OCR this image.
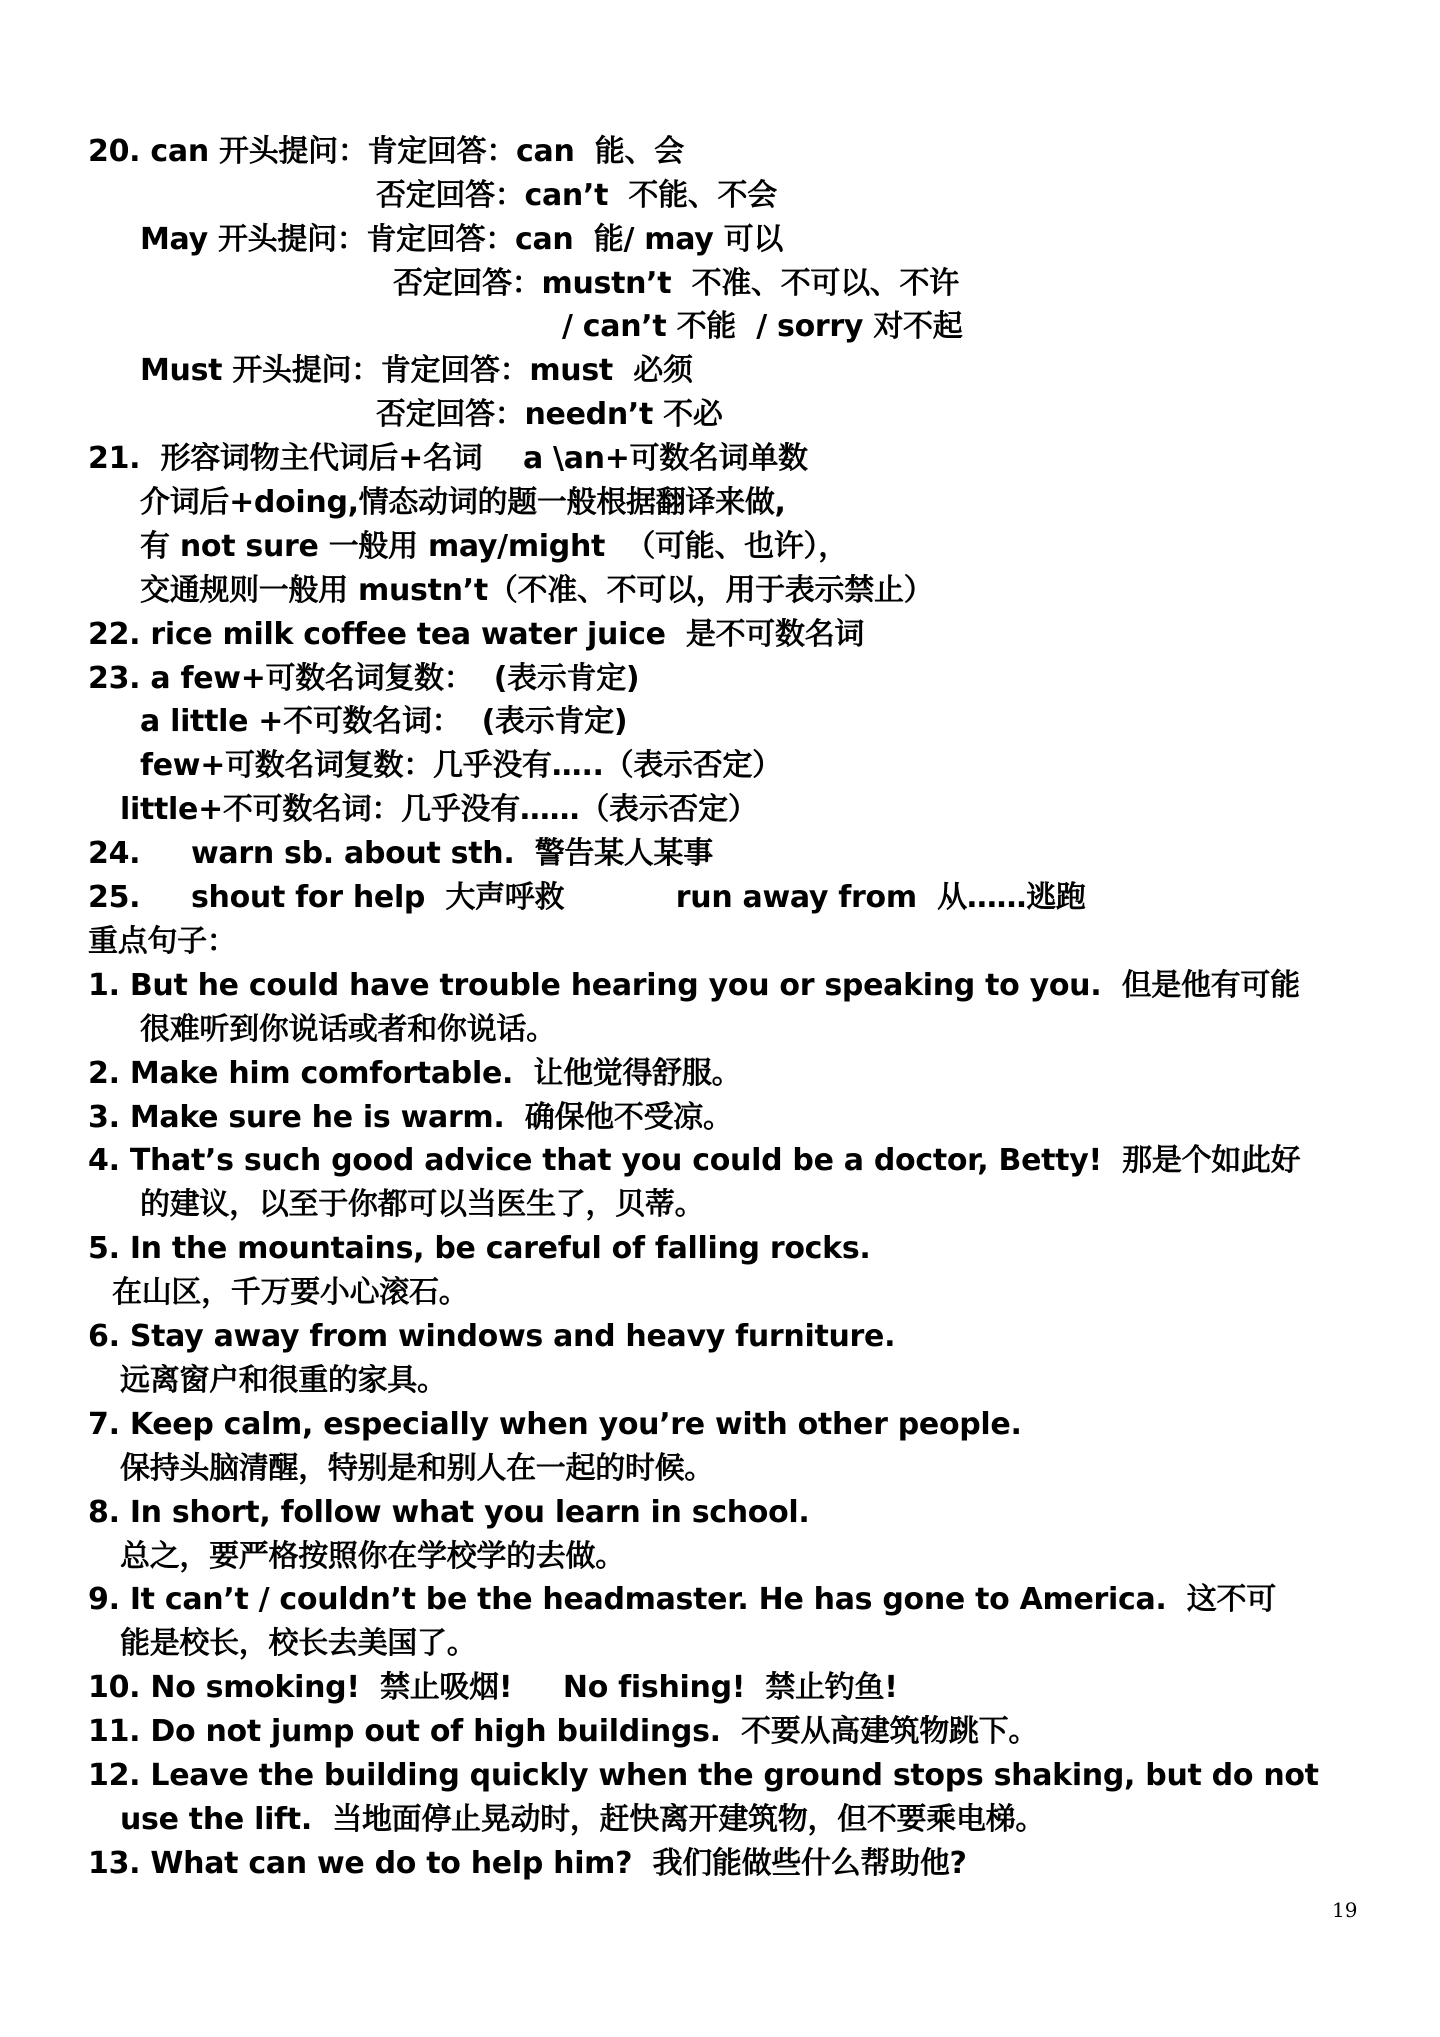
20. can 开头提问：肯定回答：can  能、会
否定回答：can’t  不能、不会
May 开头提问：肯定回答：can  能/ may 可以
否定回答：mustn’t  不准、不可以、不许
/ can’t 不能  / sorry 对不起
Must 开头提问：肯定回答：must  必须
否定回答：needn’t 不必
21.  形容词物主代词后+名词    a \an+可数名词单数
介词后+doing,情态动词的题一般根据翻译来做,
有 not sure 一般用 may/might  （可能、也许），
交通规则一般用 mustn’t（不准、不可以，用于表示禁止）
22. rice milk coffee tea water juice  是不可数名词
23. a few+可数名词复数：  (表示肯定)
a little +不可数名词：  (表示肯定)
few+可数名词复数：几乎没有…..（表示否定）
little+不可数名词：几乎没有……（表示否定）
24.     warn sb. about sth.  警告某人某事
25.     shout for help  大声呼救           run away from  从……逃跑
重点句子：
1. But he could have trouble hearing you or speaking to you.  但是他有可能
很难听到你说话或者和你说话。
2. Make him comfortable.  让他觉得舒服。
3. Make sure he is warm.  确保他不受凉。
4. That’s such good advice that you could be a doctor, Betty!  那是个如此好
的建议，以至于你都可以当医生了，贝蒂。
5. In the mountains, be careful of falling rocks.
在山区，千万要小心滚石。
6. Stay away from windows and heavy furniture.
远离窗户和很重的家具。
7. Keep calm, especially when you’re with other people.
保持头脑清醒，特别是和别人在一起的时候。
8. In short, follow what you learn in school.
总之，要严格按照你在学校学的去做。
9. It can’t / couldn’t be the headmaster. He has gone to America.  这不可
能是校长，校长去美国了。
10. No smoking!  禁止吸烟!     No fishing!  禁止钓鱼!
11. Do not jump out of high buildings.  不要从高建筑物跳下。
12. Leave the building quickly when the ground stops shaking, but do not
use the lift.  当地面停止晃动时，赶快离开建筑物，但不要乘电梯。
13. What can we do to help him?  我们能做些什么帮助他?
19
